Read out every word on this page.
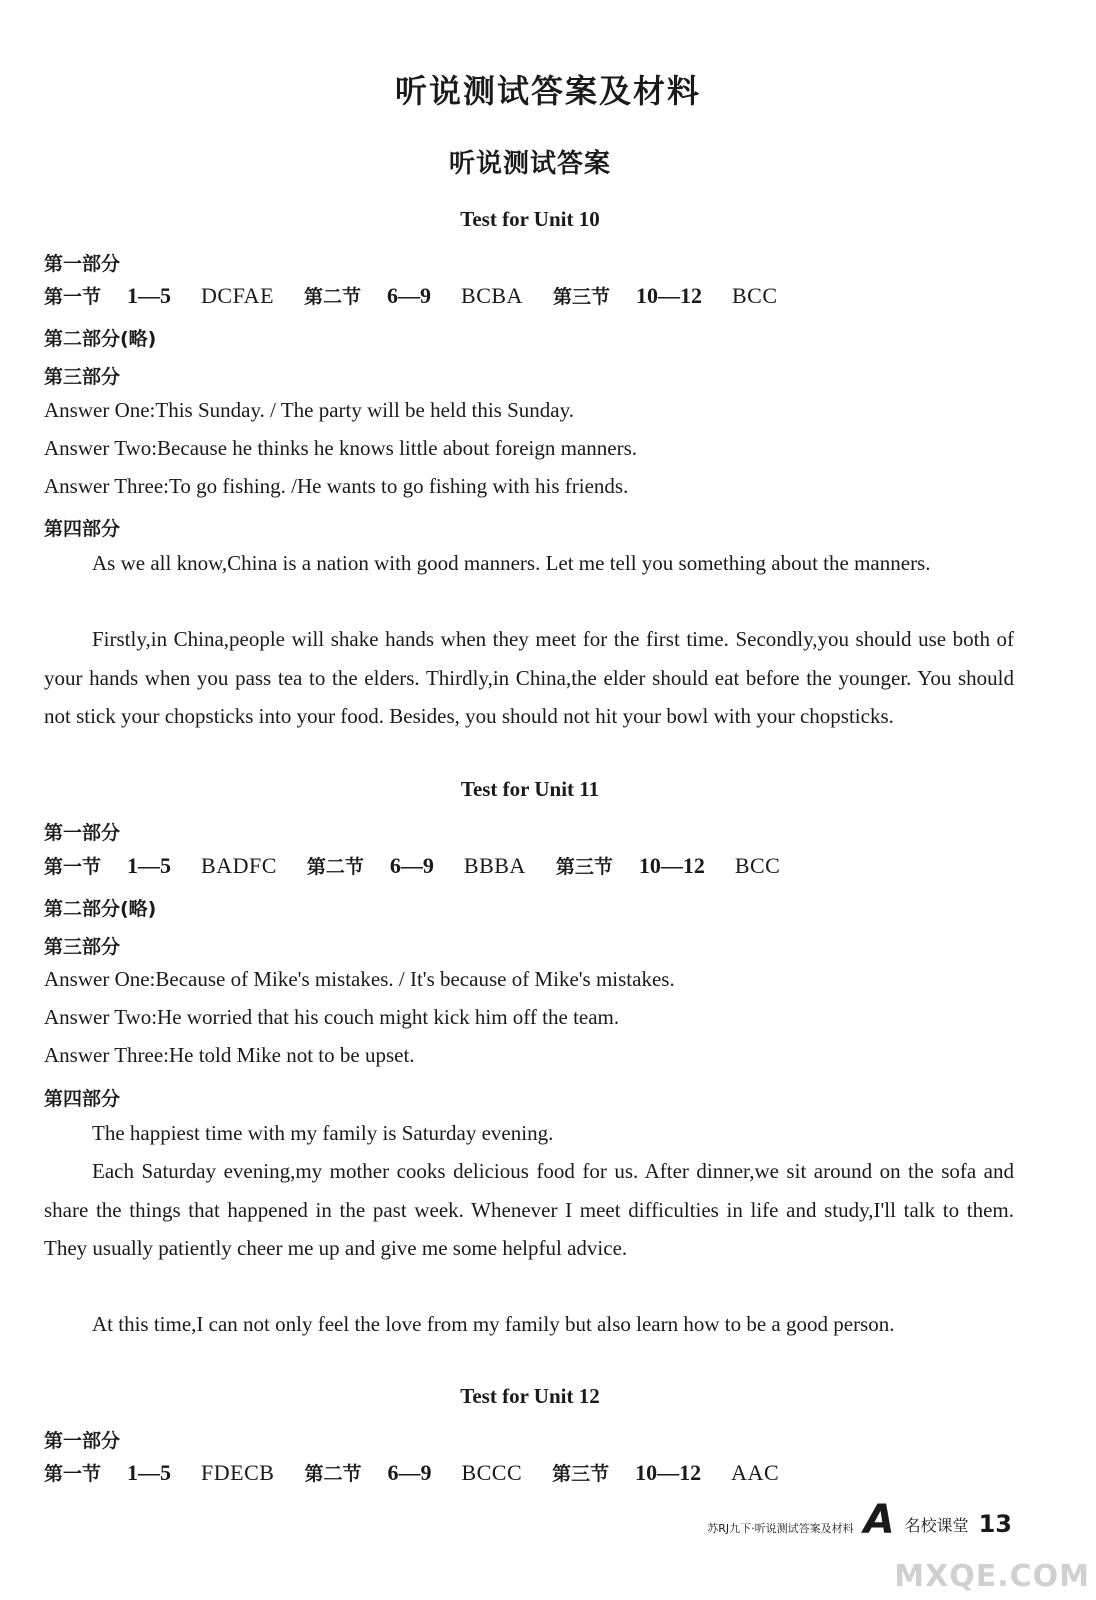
听说测试答案及材料
听说测试答案
Test for Unit 10
第一部分
第一节 1—5 DCFAE 第二节 6—9 BCBA 第三节 10—12 BCC
第二部分(略)
第三部分
Answer One:This Sunday. / The party will be held this Sunday.
Answer Two:Because he thinks he knows little about foreign manners.
Answer Three:To go fishing. /He wants to go fishing with his friends.
第四部分
As we all know,China is a nation with good manners. Let me tell you something about the manners.
Firstly,in China,people will shake hands when they meet for the first time. Secondly,you should use both of your hands when you pass tea to the elders. Thirdly,in China,the elder should eat before the younger. You should not stick your chopsticks into your food. Besides, you should not hit your bowl with your chopsticks.
Test for Unit 11
第一部分
第一节 1—5 BADFC 第二节 6—9 BBBA 第三节 10—12 BCC
第二部分(略)
第三部分
Answer One:Because of Mike's mistakes. / It's because of Mike's mistakes.
Answer Two:He worried that his couch might kick him off the team.
Answer Three:He told Mike not to be upset.
第四部分
The happiest time with my family is Saturday evening.
Each Saturday evening,my mother cooks delicious food for us. After dinner,we sit around on the sofa and share the things that happened in the past week. Whenever I meet difficulties in life and study,I'll talk to them. They usually patiently cheer me up and give me some helpful advice.
At this time,I can not only feel the love from my family but also learn how to be a good person.
Test for Unit 12
第一部分
第一节 1—5 FDECB 第二节 6—9 BCCC 第三节 10—12 AAC
苏RJ九下·听说测试答案及材料 A 名校课堂 13
MXQE.COM
